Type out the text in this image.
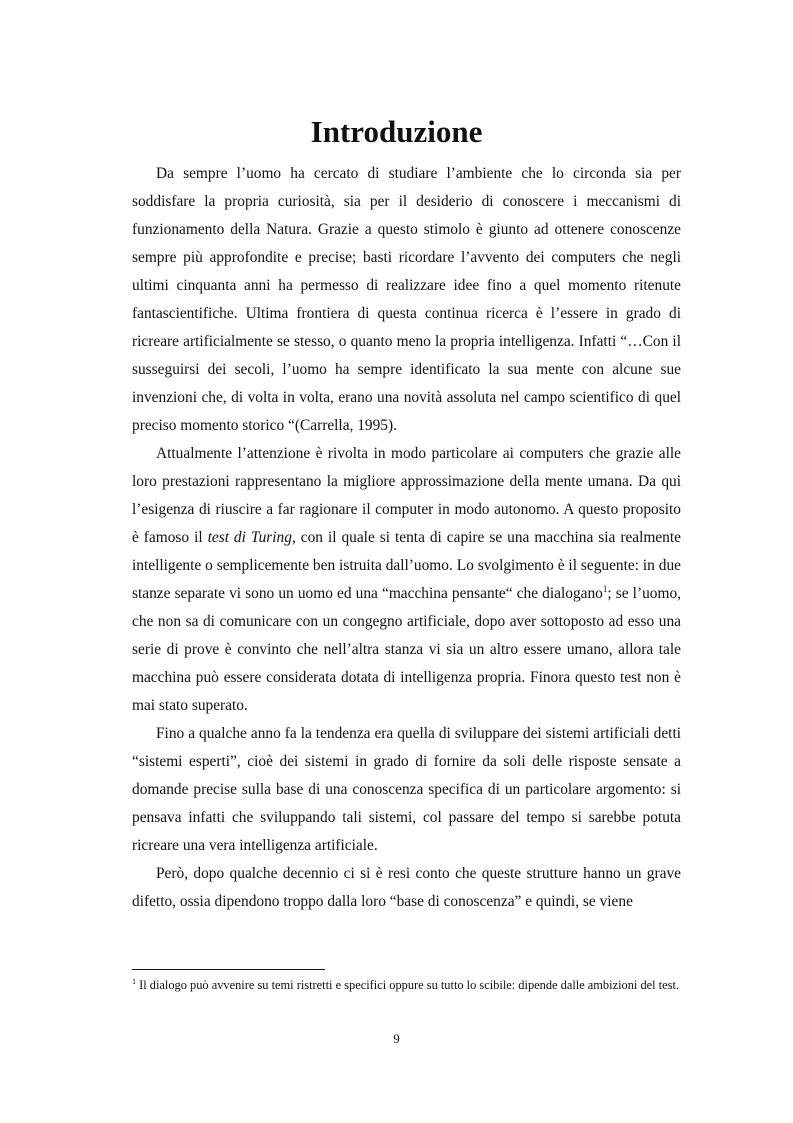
Introduzione

Da sempre l’uomo ha cercato di studiare l’ambiente che lo circonda sia per soddisfare la propria curiosità, sia per il desiderio di conoscere i meccanismi di funzionamento della Natura. Grazie a questo stimolo è giunto ad ottenere conoscenze sempre più approfondite e precise; basti ricordare l’avvento dei computers che negli ultimi cinquanta anni ha permesso di realizzare idee fino a quel momento ritenute fantascientifiche. Ultima frontiera di questa continua ricerca è l’essere in grado di ricreare artificialmente se stesso, o quanto meno la propria intelligenza. Infatti “…Con il susseguirsi dei secoli, l’uomo ha sempre identificato la sua mente con alcune sue invenzioni che, di volta in volta, erano una novità assoluta nel campo scientifico di quel preciso momento storico “(Carrella, 1995).

Attualmente l’attenzione è rivolta in modo particolare ai computers che grazie alle loro prestazioni rappresentano la migliore approssimazione della mente umana. Da qui l’esigenza di riuscire a far ragionare il computer in modo autonomo. A questo proposito è famoso il test di Turing, con il quale si tenta di capire se una macchina sia realmente intelligente o semplicemente ben istruita dall’uomo. Lo svolgimento è il seguente: in due stanze separate vi sono un uomo ed una “macchina pensante“ che dialogano$^1$; se l’uomo, che non sa di comunicare con un congegno artificiale, dopo aver sottoposto ad esso una serie di prove è convinto che nell’altra stanza vi sia un altro essere umano, allora tale macchina può essere considerata dotata di intelligenza propria. Finora questo test non è mai stato superato.

Fino a qualche anno fa la tendenza era quella di sviluppare dei sistemi artificiali detti “sistemi esperti”, cioè dei sistemi in grado di fornire da soli delle risposte sensate a domande precise sulla base di una conoscenza specifica di un particolare argomento: si pensava infatti che sviluppando tali sistemi, col passare del tempo si sarebbe potuta ricreare una vera intelligenza artificiale.

Però, dopo qualche decennio ci si è resi conto che queste strutture hanno un grave difetto, ossia dipendono troppo dalla loro “base di conoscenza” e quindi, se viene

$^1$ Il dialogo può avvenire su temi ristretti e specifici oppure su tutto lo scibile: dipende dalle ambizioni del test.

9
